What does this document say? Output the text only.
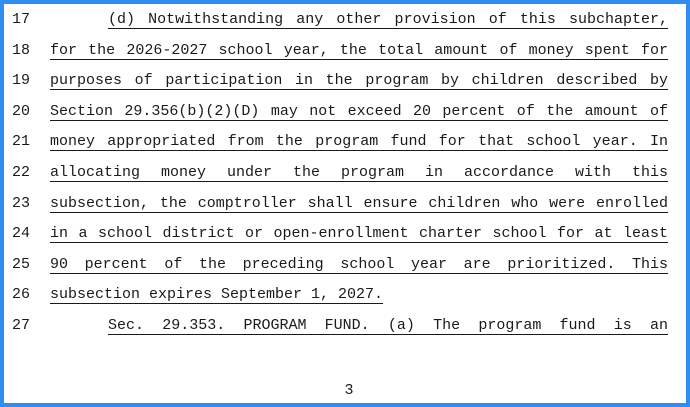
17	(d) Notwithstanding any other provision of this subchapter,
18	for the 2026-2027 school year, the total amount of money spent for
19	purposes of participation in the program by children described by
20	Section 29.356(b)(2)(D) may not exceed 20 percent of the amount of
21	money appropriated from the program fund for that school year. In
22	allocating money under the program in accordance with this
23	subsection, the comptroller shall ensure children who were enrolled
24	in a school district or open-enrollment charter school for at least
25	90 percent of the preceding school year are prioritized. This
26	subsection expires September 1, 2027.
27	Sec. 29.353. PROGRAM FUND. (a) The program fund is an
3
